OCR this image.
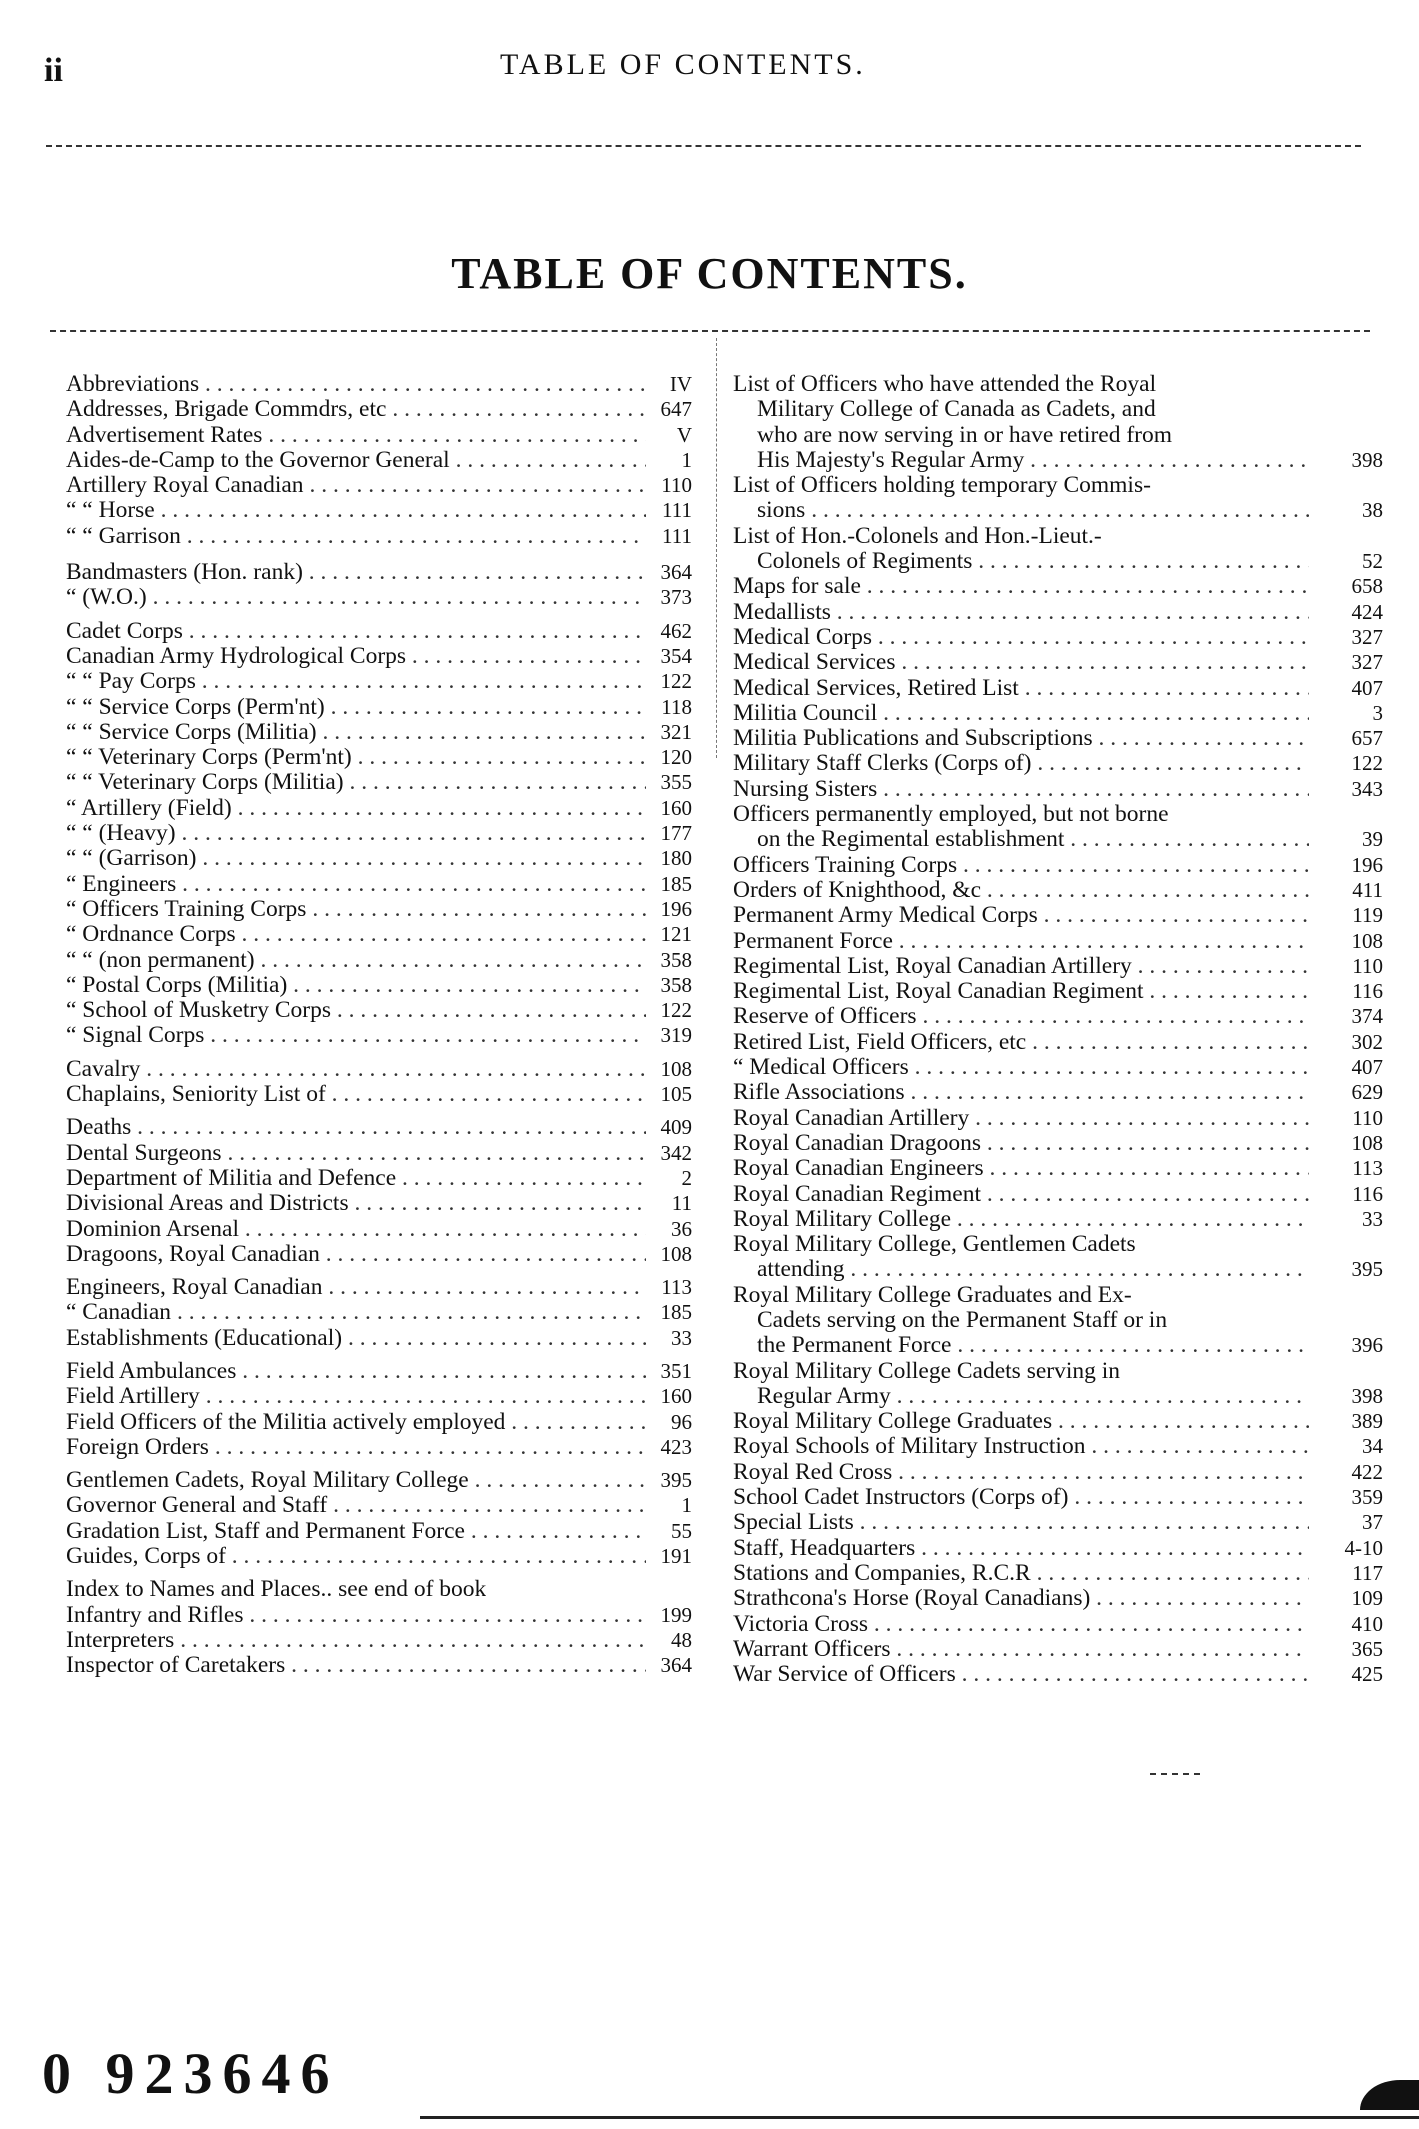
ii	TABLE OF CONTENTS.
TABLE OF CONTENTS.
Abbreviations . . .	IV
Addresses, Brigade Commdrs, etc . . .	647
Advertisement Rates . . .	V
Aides-de-Camp to the Governor General . . .	1
Artillery Royal Canadian . . .	110
“ “ Horse . . .	111
“ “ Garrison . . .	111
Bandmasters (Hon. rank) . . .	364
“ (W.O.) . . .	373
Cadet Corps . . .	462
Canadian Army Hydrological Corps . . .	354
“ “ Pay Corps . . .	122
“ “ Service Corps (Perm'nt) . . .	118
“ “ Service Corps (Militia) . . .	321
“ “ Veterinary Corps (Perm'nt) . . .	120
“ “ Veterinary Corps (Militia) . . .	355
“ Artillery (Field) . . .	160
“ “ (Heavy) . . .	177
“ “ (Garrison) . . .	180
“ Engineers . . .	185
“ Officers Training Corps . . .	196
“ Ordnance Corps . . .	121
“ “ (non permanent) . . .	358
“ Postal Corps (Militia) . . .	358
“ School of Musketry Corps . . .	122
“ Signal Corps . . .	319
Cavalry . . .	108
Chaplains, Seniority List of . . .	105
Deaths . . .	409
Dental Surgeons . . .	342
Department of Militia and Defence . . .	2
Divisional Areas and Districts . . .	11
Dominion Arsenal . . .	36
Dragoons, Royal Canadian . . .	108
Engineers, Royal Canadian . . .	113
“ Canadian . . .	185
Establishments (Educational) . . .	33
Field Ambulances . . .	351
Field Artillery . . .	160
Field Officers of the Militia actively employed . . .	96
Foreign Orders . . .	423
Gentlemen Cadets, Royal Military College . . .	395
Governor General and Staff . . .	1
Gradation List, Staff and Permanent Force . . .	55
Guides, Corps of . . .	191
Index to Names and Places.. see end of book
Infantry and Rifles . . .	199
Interpreters . . .	48
Inspector of Caretakers . . .	364
List of Officers who have attended the Royal
Military College of Canada as Cadets, and
who are now serving in or have retired from
His Majesty's Regular Army . . .	398
List of Officers holding temporary Commis-
sions . . .	38
List of Hon.-Colonels and Hon.-Lieut.-
Colonels of Regiments . . .	52
Maps for sale . . .	658
Medallists . . .	424
Medical Corps . . .	327
Medical Services . . .	327
Medical Services, Retired List . . .	407
Militia Council . . .	3
Militia Publications and Subscriptions . . .	657
Military Staff Clerks (Corps of) . . .	122
Nursing Sisters . . .	343
Officers permanently employed, but not borne
on the Regimental establishment . . .	39
Officers Training Corps . . .	196
Orders of Knighthood, &c . . .	411
Permanent Army Medical Corps . . .	119
Permanent Force . . .	108
Regimental List, Royal Canadian Artillery . . .	110
Regimental List, Royal Canadian Regiment . . .	116
Reserve of Officers . . .	374
Retired List, Field Officers, etc . . .	302
“ Medical Officers . . .	407
Rifle Associations . . .	629
Royal Canadian Artillery . . .	110
Royal Canadian Dragoons . . .	108
Royal Canadian Engineers . . .	113
Royal Canadian Regiment . . .	116
Royal Military College . . .	33
Royal Military College, Gentlemen Cadets
attending . . .	395
Royal Military College Graduates and Ex-
Cadets serving on the Permanent Staff or in
the Permanent Force . . .	396
Royal Military College Cadets serving in
Regular Army . . .	398
Royal Military College Graduates . . .	389
Royal Schools of Military Instruction . . .	34
Royal Red Cross . . .	422
School Cadet Instructors (Corps of) . . .	359
Special Lists . . .	37
Staff, Headquarters . . .	4-10
Stations and Companies, R.C.R . . .	117
Strathcona's Horse (Royal Canadians) . . .	109
Victoria Cross . . .	410
Warrant Officers . . .	365
War Service of Officers . . .	425
0 923646
